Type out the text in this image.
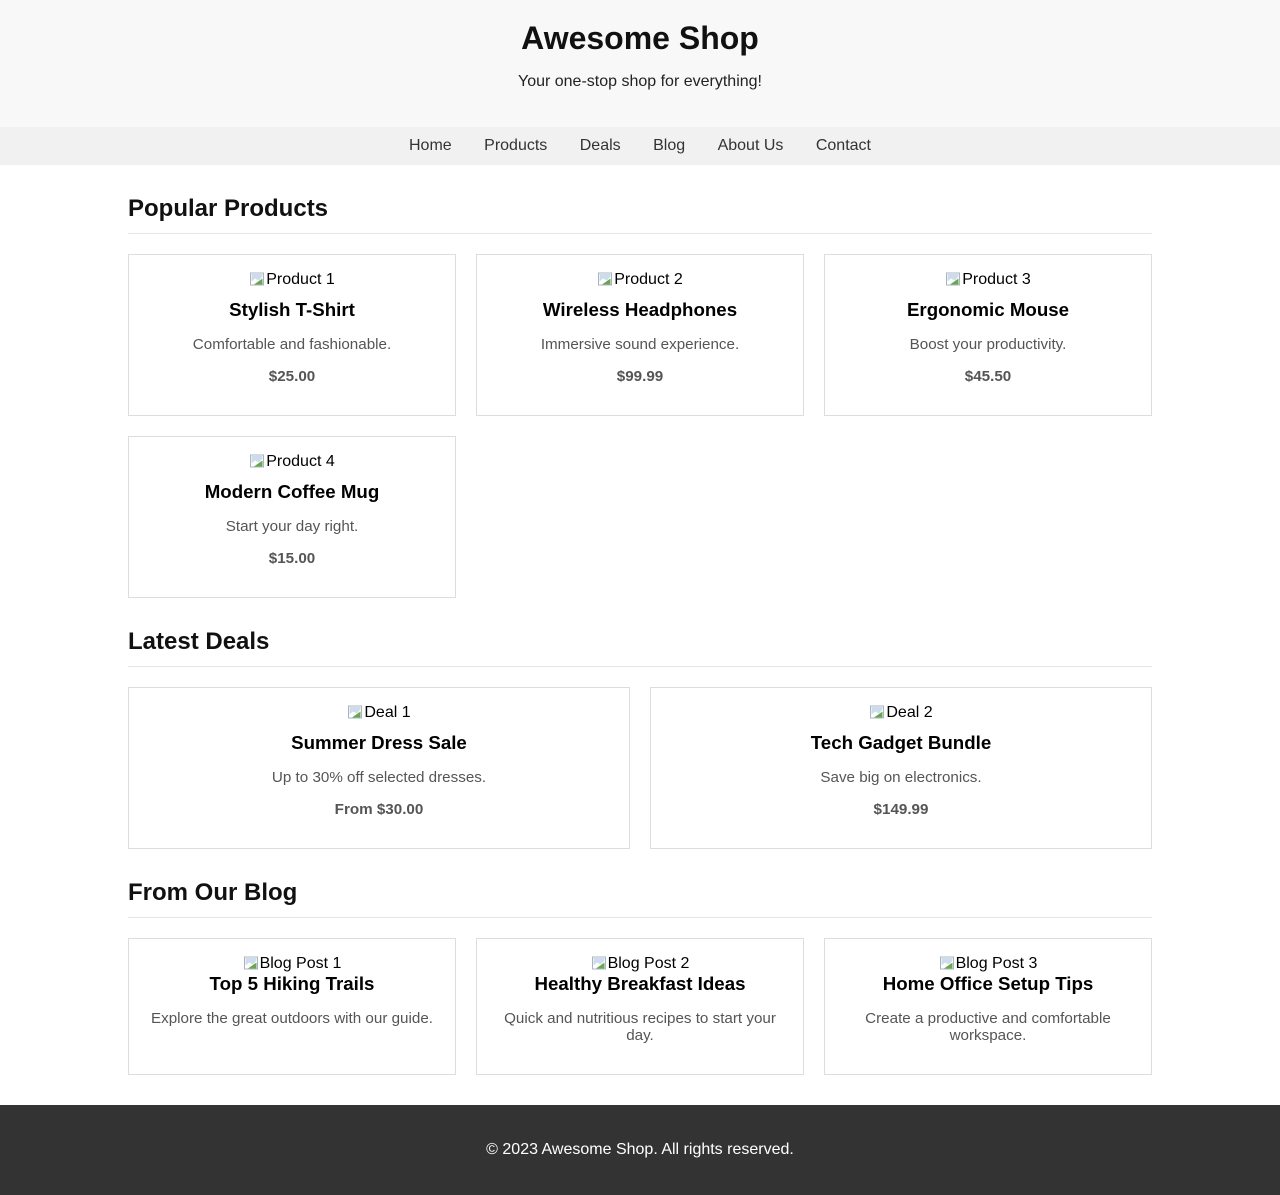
Awesome Shop

Your one-stop shop for everything!

Home Products Deals Blog About Us Contact
Popular Products
Product 1
Stylish T-Shirt

Comfortable and fashionable.

$25.00

Product 2
Wireless Headphones

Immersive sound experience.

$99.99

Product 3
Ergonomic Mouse

Boost your productivity.

$45.50

Product 4
Modern Coffee Mug

Start your day right.

$15.00

Latest Deals
Deal 1
Summer Dress Sale

Up to 30% off selected dresses.

From $30.00

Deal 2
Tech Gadget Bundle

Save big on electronics.

$149.99

From Our Blog
Blog Post 1
Top 5 Hiking Trails

Explore the great outdoors with our guide.

Blog Post 2
Healthy Breakfast Ideas

Quick and nutritious recipes to start your day.

Blog Post 3
Home Office Setup Tips

Create a productive and comfortable workspace.

© 2023 Awesome Shop. All rights reserved.
